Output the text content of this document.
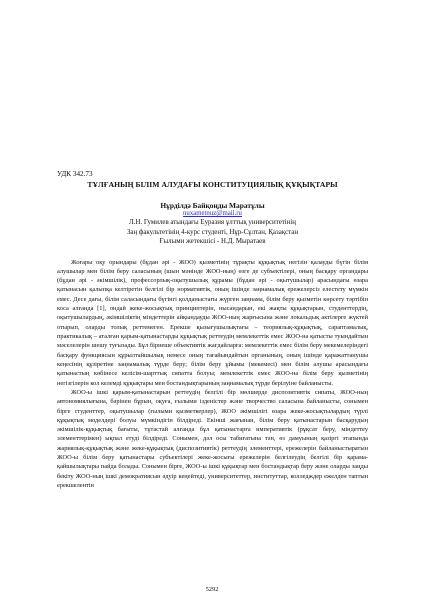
УДК 342.73

ТҰЛҒАНЫҢ БІЛІМ АЛУДАҒЫ КОНСТИТУЦИЯЛЫҚ ҚҰҚЫҚТАРЫ

Нұрдiлдә Байқоңды Маратұлы

nuxametnuz@mail.ru

Л.Н. Гумилев атындағы Еуразия ұлттық университетінің

Заң факультетінің 4-курс студенті, Нұр-Сұлтан, Қазақстан

Ғылыми жетекшісі - Н.Д. Мыратаев

Жоғары оқу орындары (бұдан әрі - ЖОО) қызметінің тұрақты құқықтық негізін қалауды бүгін білім алушылар мен білім беру саласының (шын мәнінде ЖОО-ның) өзге де субъектілері, оның басқару органдары (бұдан әрі - әкімшілік), профессорлық-оқытушылық құрамы (бұдан әрі - оқытушылар) арасындағы өзара қатынасын қалыпқа келтіретін белгілі бір нормативтік, оның ішінде заңнамалық ережелерсіз елестету мүмкін емес. Десе дағы, білім саласындағы бүгінгі қолданыстағы жүрген заңнама, білім беру қызметін көрсету тәртібін коса алғанда [1], ондай жеке-жосықтық принциптерін, нысандарын, екі жақты құқықтарын, студенттердің, оқытушылардың, әкімшіліктің міндеттерін айқындауды ЖОО-ның жарғысына және локальдық актілерге жүктей отырып, оларды толық реттемеген. Ерекше қызығушылықтағы – теориялық-құқықтық, сараптамалық, практикалық – аталған қарым-қатынастарды құқықтық реттеудің мемлекеттік емес ЖОО-на қатысты туындайтын мәселелерін шешу туғызады. Бұл бірнеше объективтік жағдайларға: мемлекеттік емес білім беру мекемелеріндегі басқару функциясын құрылтайшылық немесе оның тағайындайтын органының, оның ішінде қаражаттанушы кеңесінің құзіретіне заңнамалық түрде беру; білім беру ұйымы (мекемесі) мен білім алушы арасындағы қатынастың көбінесе келісім-шарттық сипатта болуы; мемлекеттік емес ЖОО-на білім беру қызметінің негізгілерін кол келемді құқықтары мен бостандықтарының заңнамалық түрде берілуіне байланысты.

ЖОО-ы ішкі қарым-қатынастарын реттеудің белгілі бір мөлшерде диспозитивтік сипаты, ЖОО-ның автономиялығына, бәрінен бұрын, оқуға, ғылыми ізденістер және творчество саласына байланысты, сонымен бірге студенттер, оқытушылар (ғылыми қызметкерлер), ЖОО әкімшілігі өзара жеке-жосықтылардың түрлі құқықтық моделдері болуы мүмкіндігін білдіреді. Екінші жағынан, білім беру қатынастарын басқарудың әкімшілік-құқықтық бағыты, тұтастай алғанда бұл қатынастарға императивтік (рұқсат беру, міндеттеу элементтерімен) ықпал етуді білдіреді. Сонымен, дәл осы табиғатына тән, өз дамуының қазіргі этапында жариялық-құқықтық және жеке-құқықтық (диспозитивтік) реттеудің элементтері, ережелерін байланыстыратын ЖОО-ы білім беру қатынастары субъектілері жеке-жосығы ережелерін белгілеудің белгілі бір қарама-қайшылықтары пайда болады. Сонымен бірге, ЖОО-ы ішкі құқықтар мен бостандықтар беру және оларды заңды бекіту ЖОО-ның ішкі демократиясын әдуір кеңейтеді, университеттер, институттар, колледждер ежелден таптын ерекшелентін

5292
